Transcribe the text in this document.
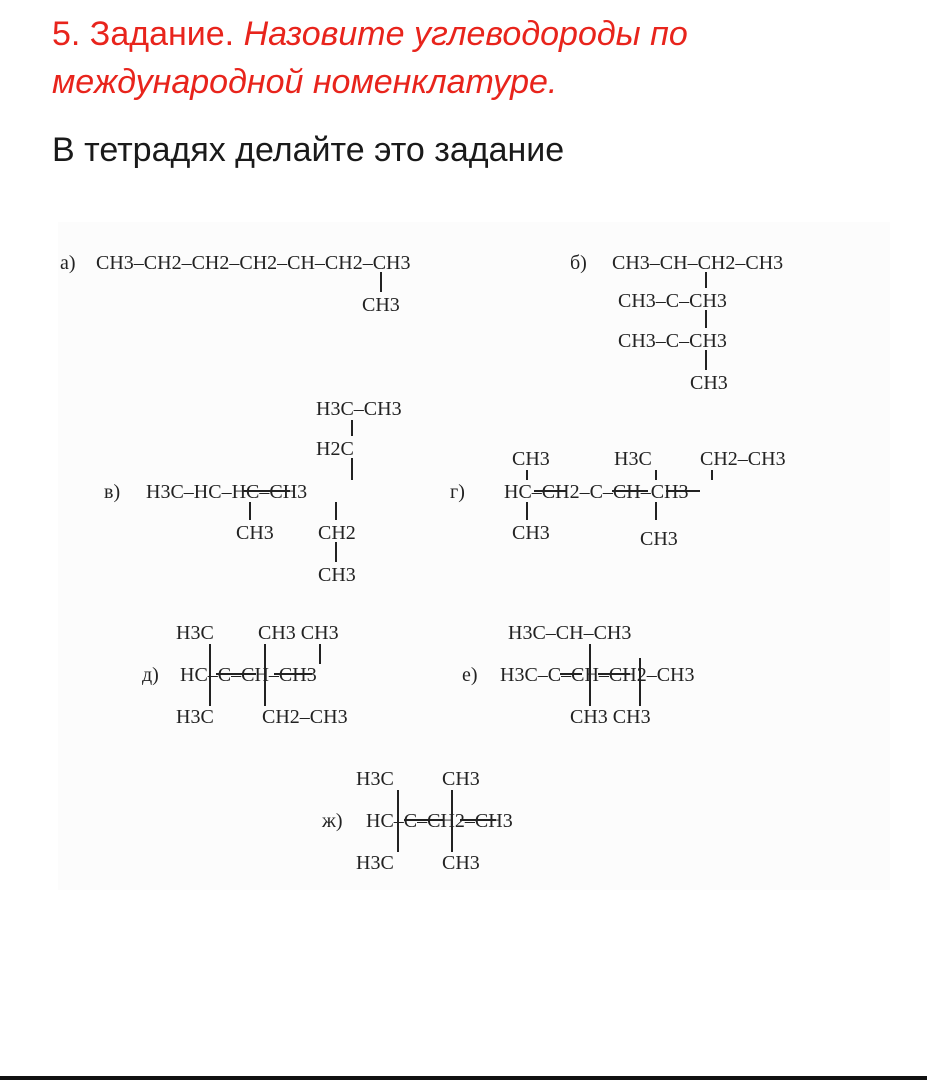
5. Задание. Назовите углеводороды по международной номенклатуре.

В тетрадях делайте это задание

а) CH3–CH2–CH2–CH2–CH–CH2–CH3
CH3
б) CH3–CH–CH2–CH3
CH3–C–CH3
CH3–C–CH3
CH3
H3C–CH3
H2C
в) H3C–HC–HC–CH3
CH3 CH2
CH3
CH3	H3C CH2–CH3
г) HC–CH2–C–CH–CH3
CH3	CH3
H3C CH3 CH3
д) HC–C–CH–CH3
H3C CH2–CH3
H3C–CH–CH3
е) H3C–C–CH–CH2–CH3
CH3 CH3
H3C CH3
ж) HC–C–CH2–CH3
H3C CH3
